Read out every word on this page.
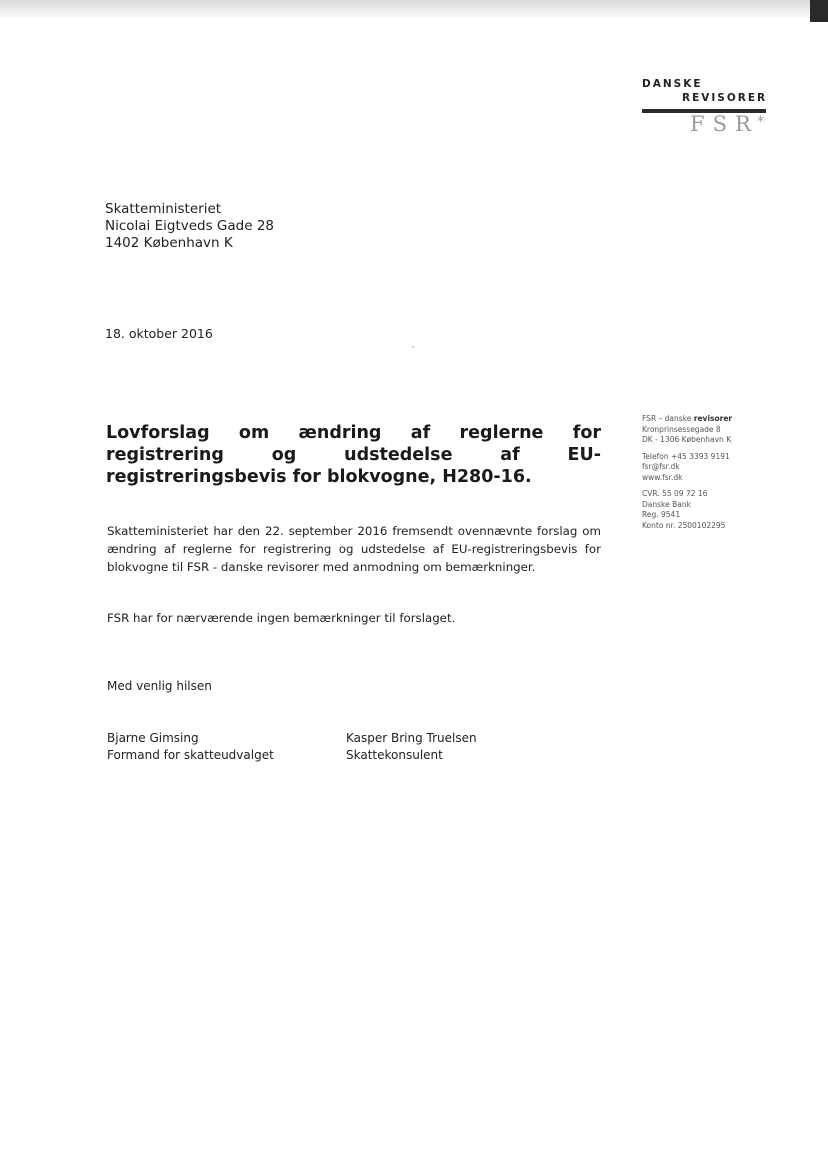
DANSKE
REVISORER
FSR
*
Skatteministeriet
Nicolai Eigtveds Gade 28
1402 København K
18. oktober 2016
Lovforslag om ændring af reglerne for registrering og udstedelse af EU-registreringsbevis for blokvogne, H280-16.
Skatteministeriet har den 22. september 2016 fremsendt ovennævnte forslag om ændring af reglerne for registrering og udstedelse af EU-registreringsbevis for blokvogne til FSR - danske revisorer med anmodning om bemærkninger.
FSR har for nærværende ingen bemærkninger til forslaget.
Med venlig hilsen
Bjarne Gimsing
Formand for skatteudvalget
Kasper Bring Truelsen
Skattekonsulent
FSR – danske revisorer
Kronprinsessegade 8
DK - 1306 København K
Telefon +45 3393 9191
fsr@fsr.dk
www.fsr.dk
CVR. 55 09 72 16
Danske Bank
Reg. 9541
Konto nr. 2500102295
